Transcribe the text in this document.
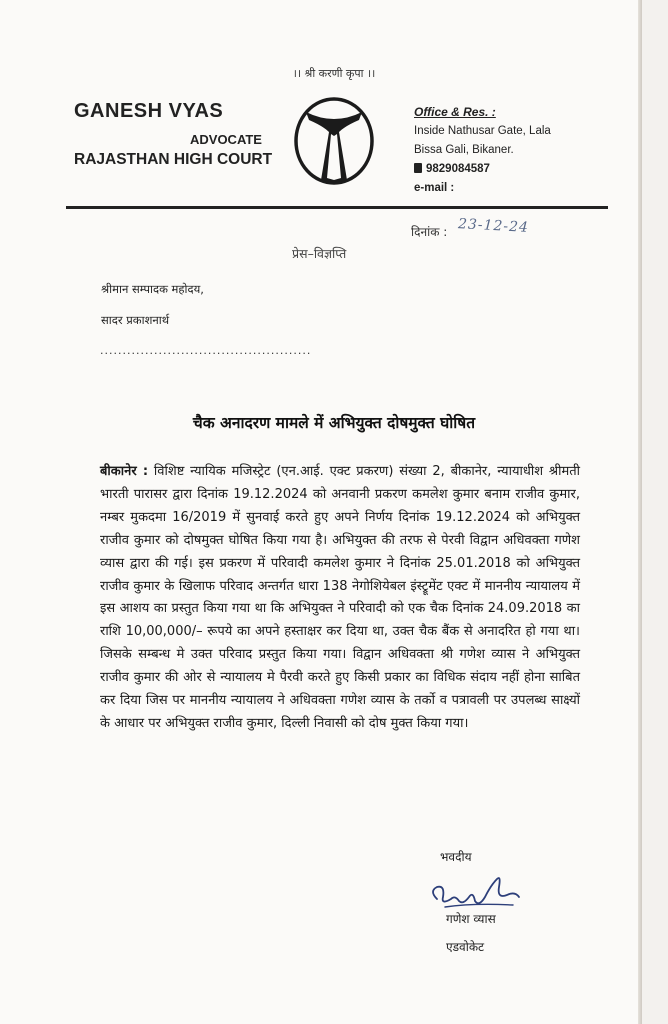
।। श्री करणी कृपा ।।
GANESH VYAS
ADVOCATE
RAJASTHAN HIGH COURT
Office & Res. :
Inside Nathusar Gate, Lala
Bissa Gali, Bikaner.
9829084587
e-mail :
दिनांक : 23-12-24
प्रेस–विज्ञप्ति
श्रीमान सम्पादक महोदय,
सादर प्रकाशनार्थ
...............................................
चैक अनादरण मामले में अभियुक्त दोषमुक्त घोषित
बीकानेर : विशिष्ट न्यायिक मजिस्ट्रेट (एन.आई. एक्ट प्रकरण) संख्या 2, बीकानेर, न्यायाधीश श्रीमती भारती पारासर द्वारा दिनांक 19.12.2024 को अनवानी प्रकरण कमलेश कुमार बनाम राजीव कुमार, नम्बर मुकदमा 16/2019 में सुनवाई करते हुए अपने निर्णय दिनांक 19.12.2024 को अभियुक्त राजीव कुमार को दोषमुक्त घोषित किया गया है। अभियुक्त की तरफ से पेरवी विद्वान अधिवक्ता गणेश व्यास द्वारा की गई। इस प्रकरण में परिवादी कमलेश कुमार ने दिनांक 25.01.2018 को अभियुक्त राजीव कुमार के खिलाफ परिवाद अन्तर्गत धारा 138 नेगोशियेबल इंस्ट्रूमेंट एक्ट में माननीय न्यायालय में इस आशय का प्रस्तुत किया गया था कि अभियुक्त ने परिवादी को एक चैक दिनांक 24.09.2018 का राशि 10,00,000/– रूपये का अपने हस्ताक्षर कर दिया था, उक्त चैक बैंक से अनादरित हो गया था। जिसके सम्बन्ध मे उक्त परिवाद प्रस्तुत किया गया। विद्वान अधिवक्ता श्री गणेश व्यास ने अभियुक्त राजीव कुमार की ओर से न्यायालय मे पैरवी करते हुए किसी प्रकार का विधिक संदाय नहीं होना साबित कर दिया जिस पर माननीय न्यायालय ने अधिवक्ता गणेश व्यास के तर्को व पत्रावली पर उपलब्ध साक्ष्यों के आधार पर अभियुक्त राजीव कुमार, दिल्ली निवासी को दोष मुक्त किया गया।
भवदीय
गणेश व्यास
एडवोकेट
